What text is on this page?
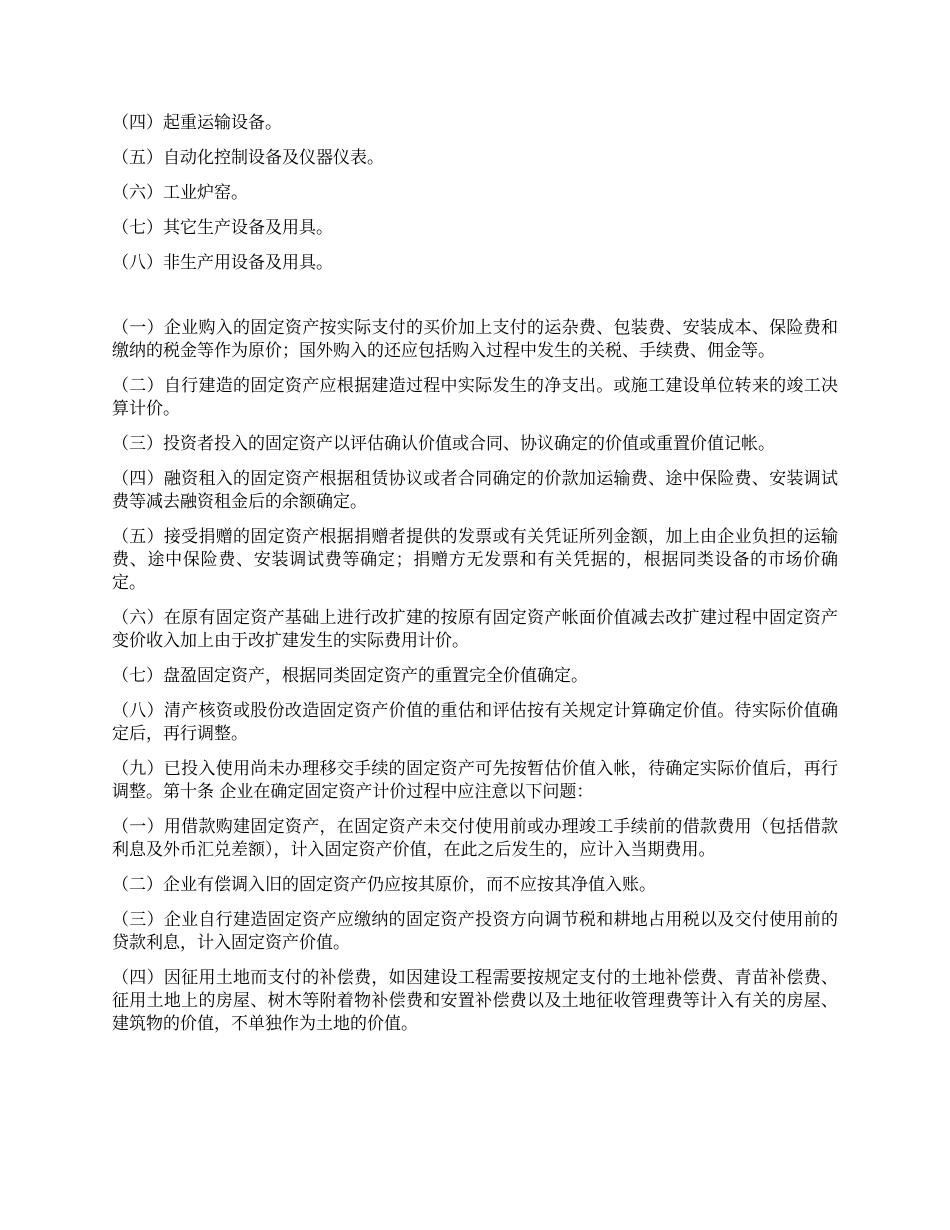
（四）起重运输设备。

（五）自动化控制设备及仪器仪表。

（六）工业炉窑。

（七）其它生产设备及用具。

（八）非生产用设备及用具。

（一）企业购入的固定资产按实际支付的买价加上支付的运杂费、包装费、安装成本、保险费和缴纳的税金等作为原价；国外购入的还应包括购入过程中发生的关税、手续费、佣金等。

（二）自行建造的固定资产应根据建造过程中实际发生的净支出。或施工建设单位转来的竣工决算计价。

（三）投资者投入的固定资产以评估确认价值或合同、协议确定的价值或重置价值记帐。

（四）融资租入的固定资产根据租赁协议或者合同确定的价款加运输费、途中保险费、安装调试费等减去融资租金后的余额确定。

（五）接受捐赠的固定资产根据捐赠者提供的发票或有关凭证所列金额，加上由企业负担的运输费、途中保险费、安装调试费等确定；捐赠方无发票和有关凭据的，根据同类设备的市场价确定。

（六）在原有固定资产基础上进行改扩建的按原有固定资产帐面价值减去改扩建过程中固定资产变价收入加上由于改扩建发生的实际费用计价。

（七）盘盈固定资产，根据同类固定资产的重置完全价值确定。

（八）清产核资或股份改造固定资产价值的重估和评估按有关规定计算确定价值。待实际价值确定后，再行调整。

（九）已投入使用尚未办理移交手续的固定资产可先按暂估价值入帐，待确定实际价值后，再行调整。第十条 企业在确定固定资产计价过程中应注意以下问题：

（一）用借款购建固定资产，在固定资产未交付使用前或办理竣工手续前的借款费用（包括借款利息及外币汇兑差额），计入固定资产价值，在此之后发生的，应计入当期费用。

（二）企业有偿调入旧的固定资产仍应按其原价，而不应按其净值入账。

（三）企业自行建造固定资产应缴纳的固定资产投资方向调节税和耕地占用税以及交付使用前的贷款利息，计入固定资产价值。

（四）因征用土地而支付的补偿费，如因建设工程需要按规定支付的土地补偿费、青苗补偿费、征用土地上的房屋、树木等附着物补偿费和安置补偿费以及土地征收管理费等计入有关的房屋、建筑物的价值，不单独作为土地的价值。
